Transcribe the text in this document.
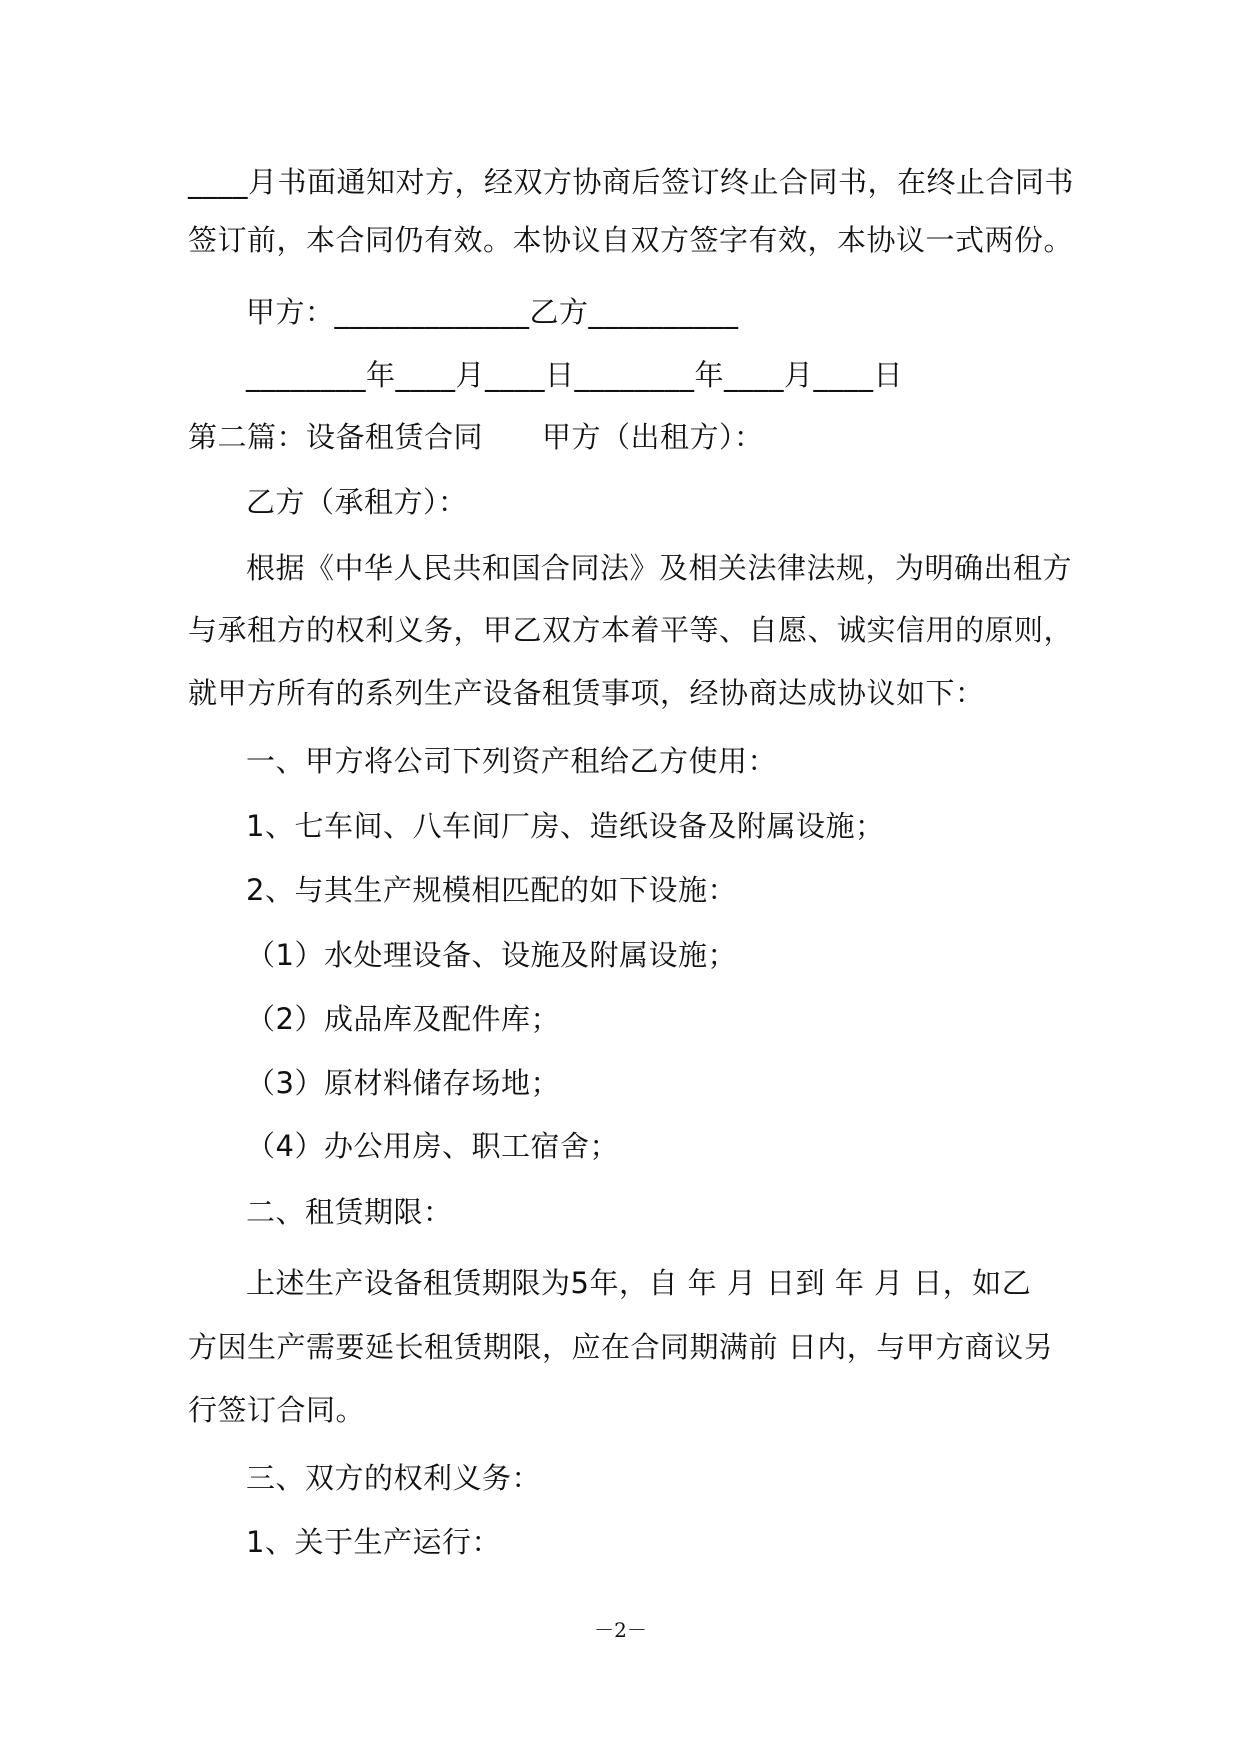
____月书面通知对方，经双方协商后签订终止合同书，在终止合同书
签订前，本合同仍有效。本协议自双方签字有效，本协议一式两份。
甲方：_____________乙方__________
________年____月____日________年____月____日
第二篇：设备租赁合同　　甲方（出租方）：
乙方（承租方）：
根据《中华人民共和国合同法》及相关法律法规，为明确出租方
与承租方的权利义务，甲乙双方本着平等、自愿、诚实信用的原则，
就甲方所有的系列生产设备租赁事项，经协商达成协议如下：
一、甲方将公司下列资产租给乙方使用：
1、七车间、八车间厂房、造纸设备及附属设施；
2、与其生产规模相匹配的如下设施：
（1）水处理设备、设施及附属设施；
（2）成品库及配件库；
（3）原材料储存场地；
（4）办公用房、职工宿舍；
二、租赁期限：
上述生产设备租赁期限为5年，自 年 月 日到 年 月 日，如乙
方因生产需要延长租赁期限，应在合同期满前 日内，与甲方商议另
行签订合同。
三、双方的权利义务：
1、关于生产运行：
－2－
